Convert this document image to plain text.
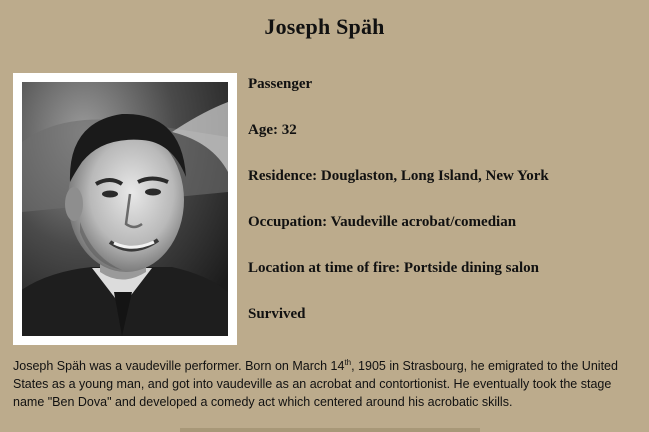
Joseph Späh
Passenger
Age: 32
Residence: Douglaston, Long Island, New York
Occupation: Vaudeville acrobat/comedian
Location at time of fire: Portside dining salon
Survived
Joseph Späh was a vaudeville performer. Born on March 14th, 1905 in Strasbourg, he emigrated to the United States as a young man, and got into vaudeville as an acrobat and contortionist. He eventually took the stage name "Ben Dova" and developed a comedy act which centered around his acrobatic skills.
